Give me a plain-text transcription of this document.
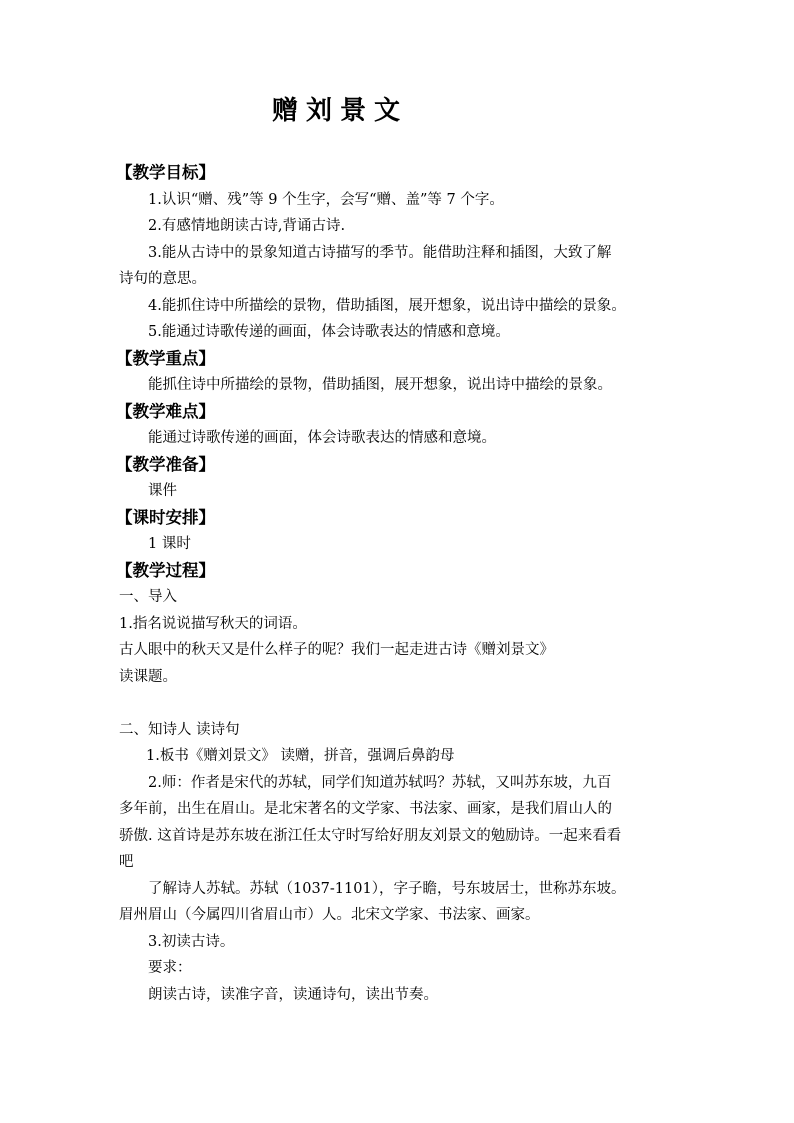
赠刘景文
【教学目标】
1.认识“赠、残”等 9 个生字，会写“赠、盖”等 7 个字。
2.有感情地朗读古诗,背诵古诗.
3.能从古诗中的景象知道古诗描写的季节。能借助注释和插图，大致了解
诗句的意思。
4.能抓住诗中所描绘的景物，借助插图，展开想象，说出诗中描绘的景象。
5.能通过诗歌传递的画面，体会诗歌表达的情感和意境。
【教学重点】
能抓住诗中所描绘的景物，借助插图，展开想象，说出诗中描绘的景象。
【教学难点】
能通过诗歌传递的画面，体会诗歌表达的情感和意境。
【教学准备】
课件
【课时安排】
1 课时
【教学过程】
一、导入
1.指名说说描写秋天的词语。
古人眼中的秋天又是什么样子的呢？我们一起走进古诗《赠刘景文》
读课题。
二、知诗人 读诗句
1.板书《赠刘景文》 读赠，拼音，强调后鼻韵母
2.师：作者是宋代的苏轼，同学们知道苏轼吗？苏轼，又叫苏东坡，九百
多年前，出生在眉山。是北宋著名的文学家、书法家、画家，是我们眉山人的
骄傲. 这首诗是苏东坡在浙江任太守时写给好朋友刘景文的勉励诗。一起来看看
吧
了解诗人苏轼。苏轼（1037-1101），字子瞻，号东坡居士，世称苏东坡。
眉州眉山（今属四川省眉山市）人。北宋文学家、书法家、画家。
3.初读古诗。
要求：
朗读古诗，读准字音，读通诗句，读出节奏。
